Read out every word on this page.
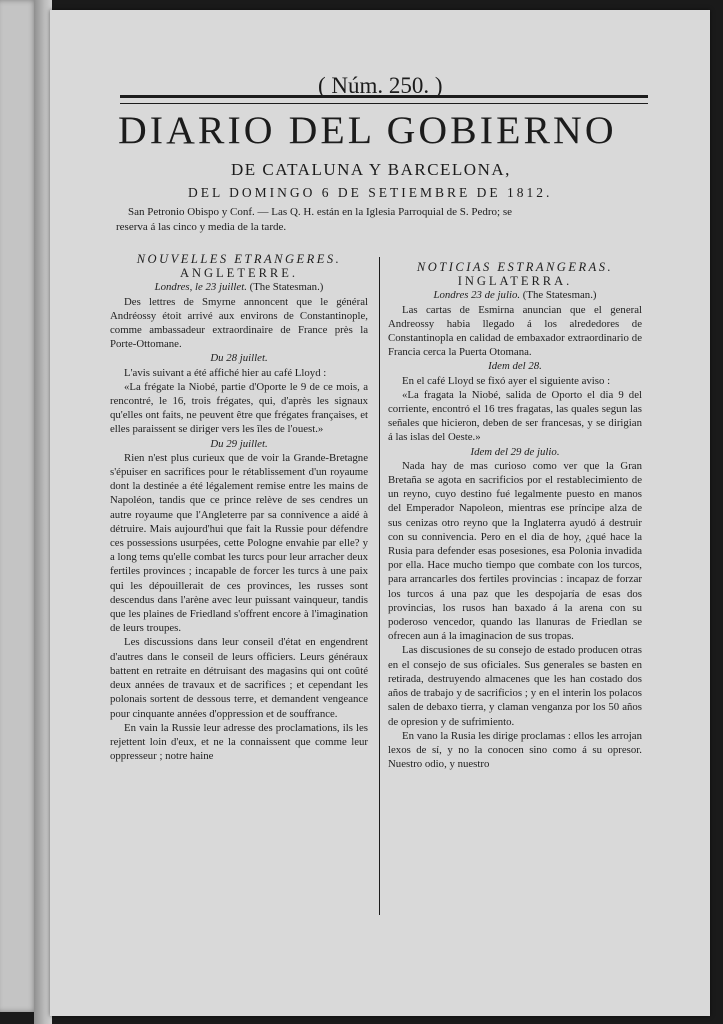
( Núm. 250. )
DIARIO DEL GOBIERNO
DE CATALUNA Y BARCELONA,
DEL DOMINGO 6 DE SETIEMBRE DE 1812.
San Petronio Obispo y Conf. — Las Q. H. están en la Iglesia Parroquial de S. Pedro; se
reserva á las cinco y media de la tarde.

NOUVELLES ETRANGERES.

ANGLETERRE.

Londres, le 23 juillet. (The Statesman.)

Des lettres de Smyrne annoncent que le général Andréossy étoit arrivé aux environs de Constantinople, comme ambassadeur extraordinaire de France près la Porte-Ottomane.

Du 28 juillet.

L'avis suivant a été affiché hier au café Lloyd :

«La frégate la Niobé, partie d'Oporte le 9 de ce mois, a rencontré, le 16, trois frégates, qui, d'après les signaux qu'elles ont faits, ne peuvent être que frégates françaises, et elles paraissent se diriger vers les îles de l'ouest.»

Du 29 juillet.

Rien n'est plus curieux que de voir la Grande-Bretagne s'épuiser en sacrifices pour le rétablissement d'un royaume dont la destinée a été légalement remise entre les mains de Napoléon, tandis que ce prince relève de ses cendres un autre royaume que l'Angleterre par sa connivence a aidé à détruire. Mais aujourd'hui que fait la Russie pour défendre ces possessions usurpées, cette Pologne envahie par elle? y a long tems qu'elle combat les turcs pour leur arracher deux fertiles provinces ; incapable de forcer les turcs à une paix qui les dépouillerait de ces provinces, les russes sont descendus dans l'arène avec leur puissant vainqueur, tandis que les plaines de Friedland s'offrent encore à l'imagination de leurs troupes.

Les discussions dans leur conseil d'état en engendrent d'autres dans le conseil de leurs officiers. Leurs généraux battent en retraite en détruisant des magasins qui ont coûté deux années de travaux et de sacrifices ; et cependant les polonais sortent de dessous terre, et demandent vengeance pour cinquante années d'oppression et de souffrance.

En vain la Russie leur adresse des proclamations, ils les rejettent loin d'eux, et ne la connaissent que comme leur oppresseur ; notre haine

NOTICIAS ESTRANGERAS.

INGLATERRA.

Londres 23 de julio. (The Statesman.)

Las cartas de Esmirna anuncian que el general Andreossy habia llegado á los alrededores de Constantinopla en calidad de embaxador extraordinario de Francia cerca la Puerta Otomana.

Idem del 28.

En el café Lloyd se fixó ayer el siguiente aviso :

«La fragata la Niobé, salida de Oporto el dia 9 del corriente, encontró el 16 tres fragatas, las quales segun las señales que hicieron, deben de ser francesas, y se dirigian á las islas del Oeste.»

Idem del 29 de julio.

Nada hay de mas curioso como ver que la Gran Bretaña se agota en sacrificios por el restablecimiento de un reyno, cuyo destino fué legalmente puesto en manos del Emperador Napoleon, mientras ese príncipe alza de sus cenizas otro reyno que la Inglaterra ayudó á destruir con su connivencia. Pero en el dia de hoy, ¿qué hace la Rusia para defender esas posesiones, esa Polonia invadida por ella. Hace mucho tiempo que combate con los turcos, para arrancarles dos fertiles provincias : incapaz de forzar los turcos á una paz que les despojaría de esas dos provincias, los rusos han baxado á la arena con su poderoso vencedor, quando las llanuras de Friedlan se ofrecen aun á la imaginacion de sus tropas.

Las discusiones de su consejo de estado producen otras en el consejo de sus oficiales. Sus generales se basten en retirada, destruyendo almacenes que les han costado dos años de trabajo y de sacrificios ; y en el interin los polacos salen de debaxo tierra, y claman venganza por los 50 años de opresion y de sufrimiento.

En vano la Rusia les dirige proclamas : ellos les arrojan lexos de sí, y no la conocen sino como á su opresor. Nuestro odio, y nuestro
